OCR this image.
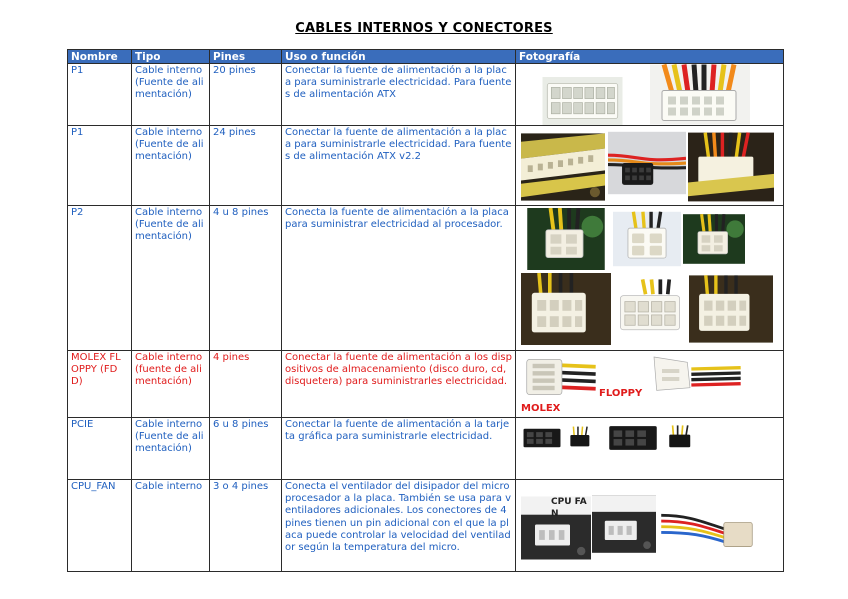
CABLES INTERNOS Y CONECTORES
Nombre	Tipo	Pines	Uso o función	Fotografía
P1	Cable interno (Fuente de alimentación)	20 pines	Conectar la fuente de alimentación a la placa para suministrarle electricidad. Para fuentes de alimentación ATX	

P1	Cable interno (Fuente de alimentación)	24 pines	Conectar la fuente de alimentación a la placa para suministrarle electricidad. Para fuentes de alimentación ATX v2.2	

P2	Cable interno (Fuente de alimentación)	4 u 8 pines	Conecta la fuente de alimentación a la placa para suministrar electricidad al procesador.	

MOLEX FLOPPY (FDD)	Cable interno (fuente de alimentación)	4 pines	Conectar la fuente de alimentación a los dispositivos de almacenamiento (disco duro, cd, disquetera) para suministrarles electricidad.	MOLEX
FLOPPY

PCIE	Cable interno (Fuente de alimentación)	6 u 8 pines	Conectar la fuente de alimentación a la tarjeta gráfica para suministrarle electricidad.	

CPU_FAN	Cable interno	3 o 4 pines	Conecta el ventilador del disipador del microprocesador a la placa. También se usa para ventiladores adicionales. Los conectores de 4 pines tienen un pin adicional con el que la placa puede controlar la velocidad del ventilador según la temperatura del micro.	CPU FAN
